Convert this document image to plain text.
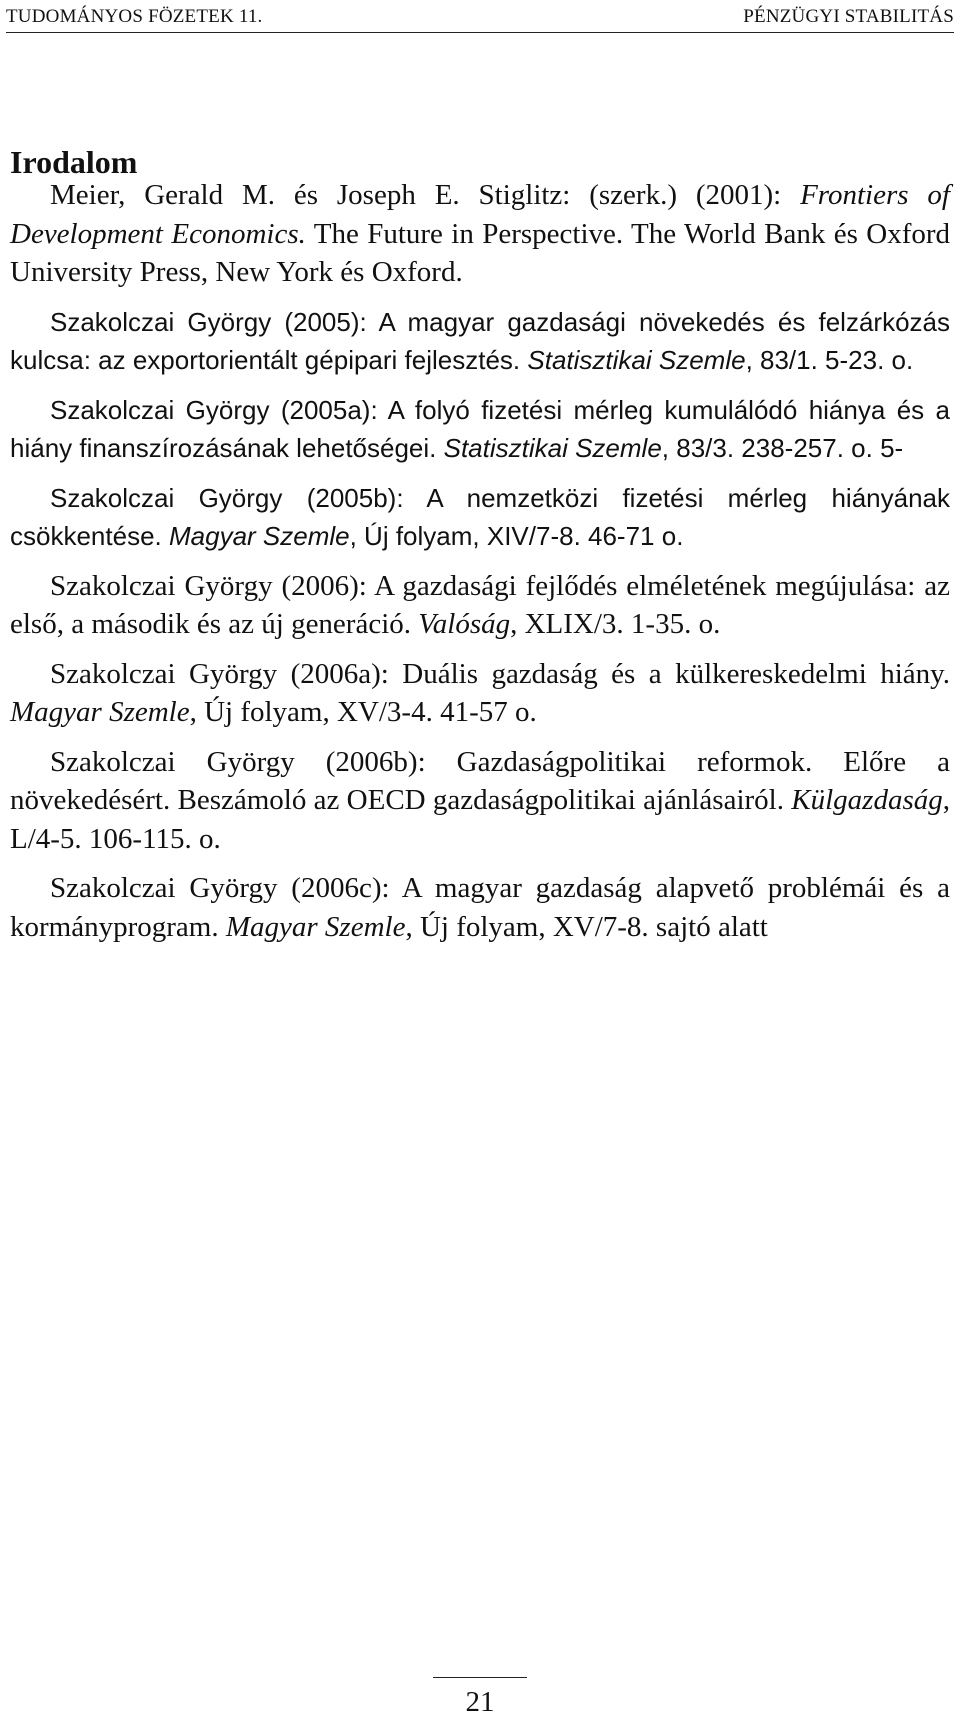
TUDOMÁNYOS FÖZETEK 11.	PÉNZÜGYI STABILITÁS
Irodalom

Meier, Gerald M. és Joseph E. Stiglitz: (szerk.) (2001): Frontiers of Development Economics. The Future in Perspective. The World Bank és Oxford University Press, New York és Oxford.

Szakolczai György (2005): A magyar gazdasági növekedés és felzárkózás kulcsa: az exportorientált gépipari fejlesztés. Statisztikai Szemle, 83/1. 5-23. o.

Szakolczai György (2005a): A folyó fizetési mérleg kumulálódó hiánya és a hiány finanszírozásának lehetőségei. Statisztikai Szemle, 83/3. 238-257. o. 5-

Szakolczai György (2005b): A nemzetközi fizetési mérleg hiányának csökkentése. Magyar Szemle, Új folyam, XIV/7-8. 46-71 o.

Szakolczai György (2006): A gazdasági fejlődés elméletének megújulása: az első, a második és az új generáció. Valóság, XLIX/3. 1-35. o.

Szakolczai György (2006a): Duális gazdaság és a külkereskedelmi hiány. Magyar Szemle, Új folyam, XV/3-4. 41-57 o.

Szakolczai György (2006b): Gazdaságpolitikai reformok. Előre a növekedésért. Beszámoló az OECD gazdaságpolitikai ajánlásairól. Külgazdaság, L/4-5. 106-115. o.

Szakolczai György (2006c): A magyar gazdaság alapvető problémái és a kormányprogram. Magyar Szemle, Új folyam, XV/7-8. sajtó alatt

21
